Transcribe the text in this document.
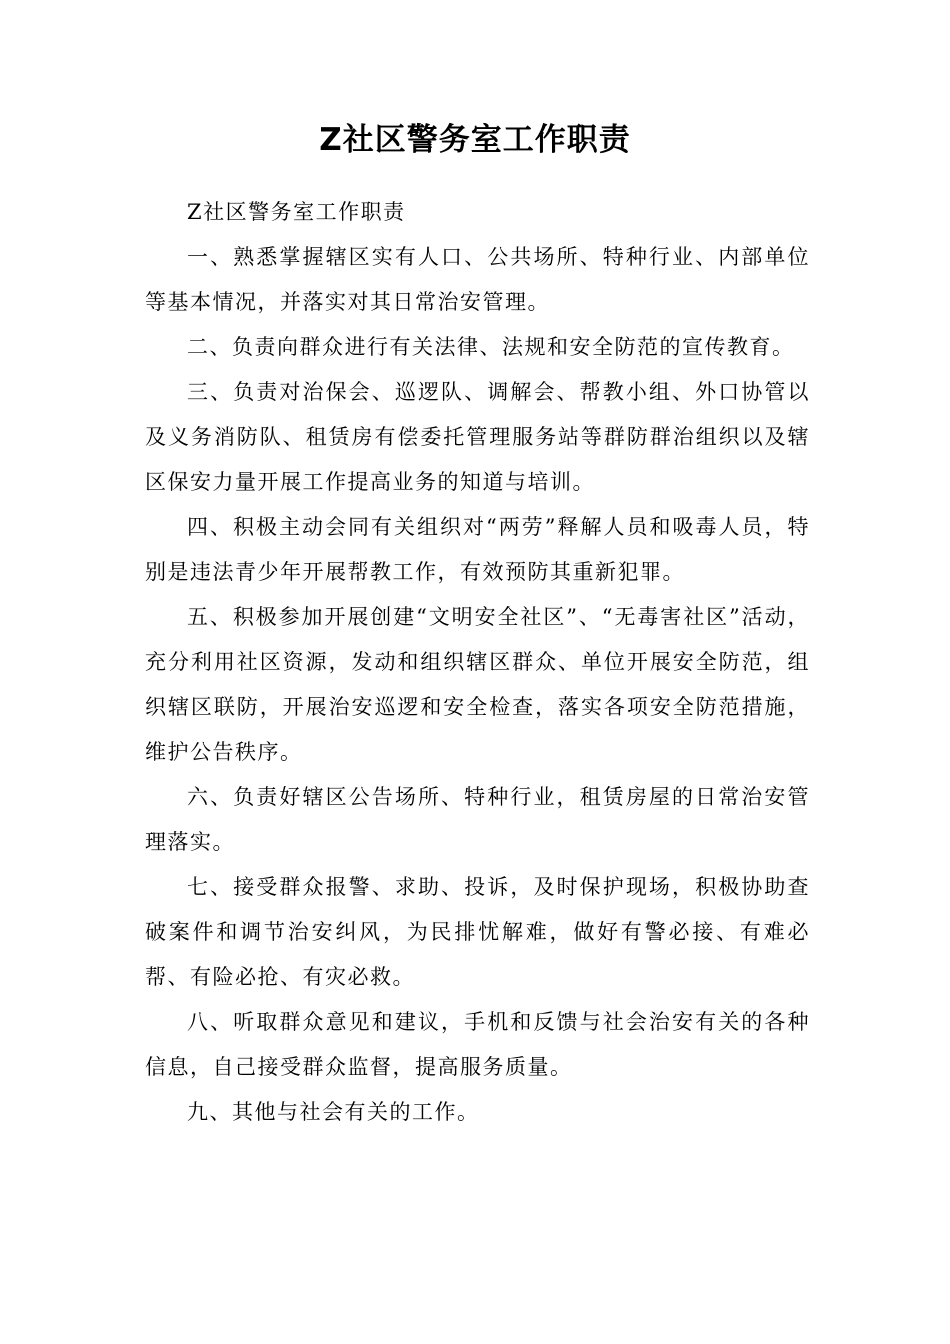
Z社区警务室工作职责

Z社区警务室工作职责

一、熟悉掌握辖区实有人口、公共场所、特种行业、内部单位等基本情况，并落实对其日常治安管理。

二、负责向群众进行有关法律、法规和安全防范的宣传教育。

三、负责对治保会、巡逻队、调解会、帮教小组、外口协管以及义务消防队、租赁房有偿委托管理服务站等群防群治组织以及辖区保安力量开展工作提高业务的知道与培训。

四、积极主动会同有关组织对“两劳”释解人员和吸毒人员，特别是违法青少年开展帮教工作，有效预防其重新犯罪。

五、积极参加开展创建“文明安全社区”、“无毒害社区”活动，充分利用社区资源，发动和组织辖区群众、单位开展安全防范，组织辖区联防，开展治安巡逻和安全检查，落实各项安全防范措施，维护公告秩序。

六、负责好辖区公告场所、特种行业，租赁房屋的日常治安管理落实。

七、接受群众报警、求助、投诉，及时保护现场，积极协助查破案件和调节治安纠风，为民排忧解难，做好有警必接、有难必帮、有险必抢、有灾必救。

八、听取群众意见和建议，手机和反馈与社会治安有关的各种信息，自己接受群众监督，提高服务质量。

九、其他与社会有关的工作。
